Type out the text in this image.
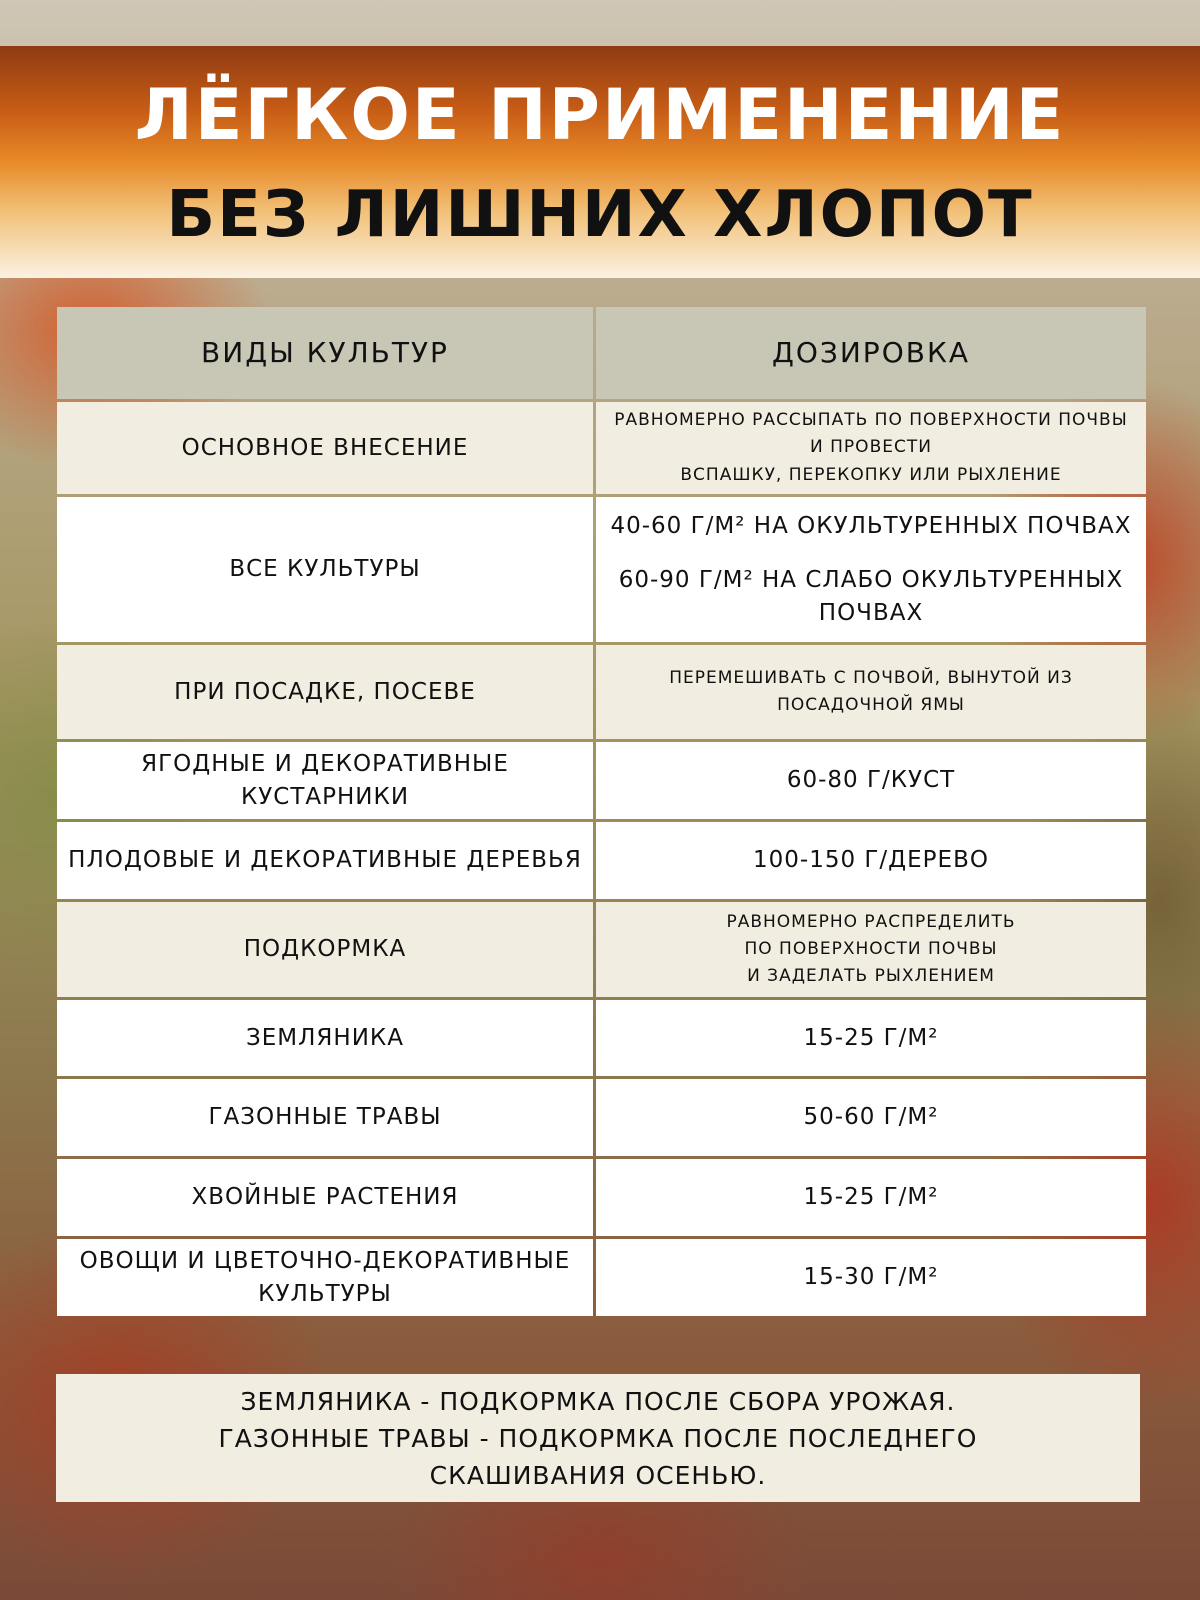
ЛЁГКОЕ ПРИМЕНЕНИЕ
БЕЗ ЛИШНИХ ХЛОПОТ
ВИДЫ КУЛЬТУР	ДОЗИРОВКА
ОСНОВНОЕ ВНЕСЕНИЕ	РАВНОМЕРНО РАССЫПАТЬ ПО ПОВЕРХНОСТИ ПОЧВЫ
И ПРОВЕСТИ
ВСПАШКУ, ПЕРЕКОПКУ ИЛИ РЫХЛЕНИЕ

ВСЕ КУЛЬТУРЫ	40-60 Г/М² НА ОКУЛЬТУРЕННЫХ ПОЧВАХ
60-90 Г/М² НА СЛАБО ОКУЛЬТУРЕННЫХ ПОЧВАХ

ПРИ ПОСАДКЕ, ПОСЕВЕ	ПЕРЕМЕШИВАТЬ С ПОЧВОЙ, ВЫНУТОЙ ИЗ
ПОСАДОЧНОЙ ЯМЫ

ЯГОДНЫЕ И ДЕКОРАТИВНЫЕ КУСТАРНИКИ	60-80 Г/КУСТ

ПЛОДОВЫЕ И ДЕКОРАТИВНЫЕ ДЕРЕВЬЯ	100-150 Г/ДЕРЕВО

ПОДКОРМКА	РАВНОМЕРНО РАСПРЕДЕЛИТЬ
ПО ПОВЕРХНОСТИ ПОЧВЫ
И ЗАДЕЛАТЬ РЫХЛЕНИЕМ

ЗЕМЛЯНИКА	15-25 Г/М²

ГАЗОННЫЕ ТРАВЫ	50-60 Г/М²

ХВОЙНЫЕ РАСТЕНИЯ	15-25 Г/М²

ОВОЩИ И ЦВЕТОЧНО-ДЕКОРАТИВНЫЕ КУЛЬТУРЫ	15-30 Г/М²
ЗЕМЛЯНИКА - ПОДКОРМКА ПОСЛЕ СБОРА УРОЖАЯ.
ГАЗОННЫЕ ТРАВЫ - ПОДКОРМКА ПОСЛЕ ПОСЛЕДНЕГО
СКАШИВАНИЯ ОСЕНЬЮ.
